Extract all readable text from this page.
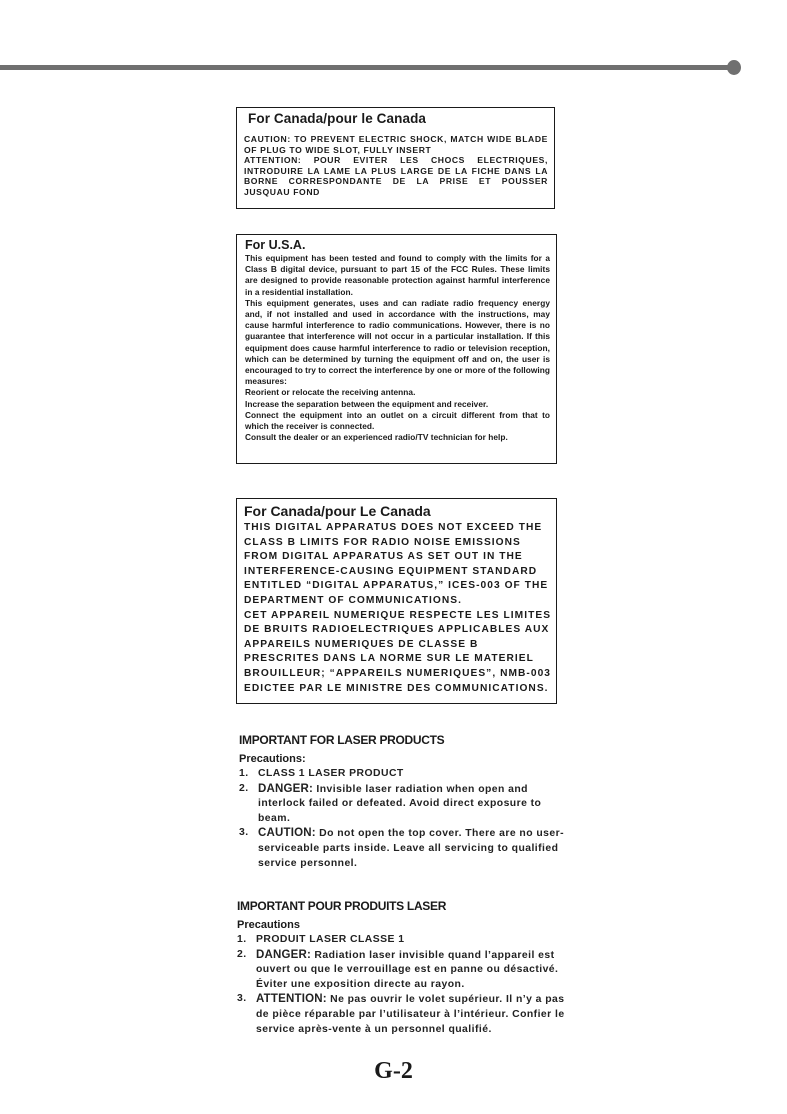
For Canada/pour le Canada

CAUTION: TO PREVENT ELECTRIC SHOCK, MATCH WIDE BLADE OF PLUG TO WIDE SLOT, FULLY INSERT

ATTENTION: POUR EVITER LES CHOCS ELECTRIQUES, INTRODUIRE LA LAME LA PLUS LARGE DE LA FICHE DANS LA BORNE CORRESPONDANTE DE LA PRISE ET POUSSER JUSQUAU FOND

For U.S.A.

This equipment has been tested and found to comply with the limits for a Class B digital device, pursuant to part 15 of the FCC Rules. These limits are designed to provide reasonable protection against harmful interference in a residential installation.

This equipment generates, uses and can radiate radio frequency energy and, if not installed and used in accordance with the instructions, may cause harmful interference to radio communications. However, there is no guarantee that interference will not occur in a particular installation. If this equipment does cause harmful interference to radio or television reception, which can be determined by turning the equipment off and on, the user is encouraged to try to correct the interference by one or more of the following measures:

Reorient or relocate the receiving antenna.

Increase the separation between the equipment and receiver.

Connect the equipment into an outlet on a circuit different from that to which the receiver is connected.

Consult the dealer or an experienced radio/TV technician for help.

For Canada/pour Le Canada

THIS DIGITAL APPARATUS DOES NOT EXCEED THE

CLASS B LIMITS FOR RADIO NOISE EMISSIONS

FROM DIGITAL APPARATUS AS SET OUT IN THE

INTERFERENCE-CAUSING EQUIPMENT STANDARD

ENTITLED “DIGITAL APPARATUS,” ICES-003 OF THE

DEPARTMENT OF COMMUNICATIONS.

CET APPAREIL NUMERIQUE RESPECTE LES LIMITES

DE BRUITS RADIOELECTRIQUES APPLICABLES AUX

APPAREILS NUMERIQUES DE CLASSE B

PRESCRITES DANS LA NORME SUR LE MATERIEL

BROUILLEUR; “APPAREILS NUMERIQUES”, NMB-003

EDICTEE PAR LE MINISTRE DES COMMUNICATIONS.

IMPORTANT FOR LASER PRODUCTS
Precautions:
1. CLASS 1 LASER PRODUCT
2. DANGER: Invisible laser radiation when open and interlock failed or defeated. Avoid direct exposure to beam.
3. CAUTION: Do not open the top cover. There are no user-serviceable parts inside. Leave all servicing to qualified service personnel.
IMPORTANT POUR PRODUITS LASER
Precautions
1. PRODUIT LASER CLASSE 1
2. DANGER: Radiation laser invisible quand l’appareil est ouvert ou que le verrouillage est en panne ou désactivé. Éviter une exposition directe au rayon.
3. ATTENTION: Ne pas ouvrir le volet supérieur. Il n’y a pas de pièce réparable par l’utilisateur à l’intérieur. Confier le service après-vente à un personnel qualifié.
G-2
